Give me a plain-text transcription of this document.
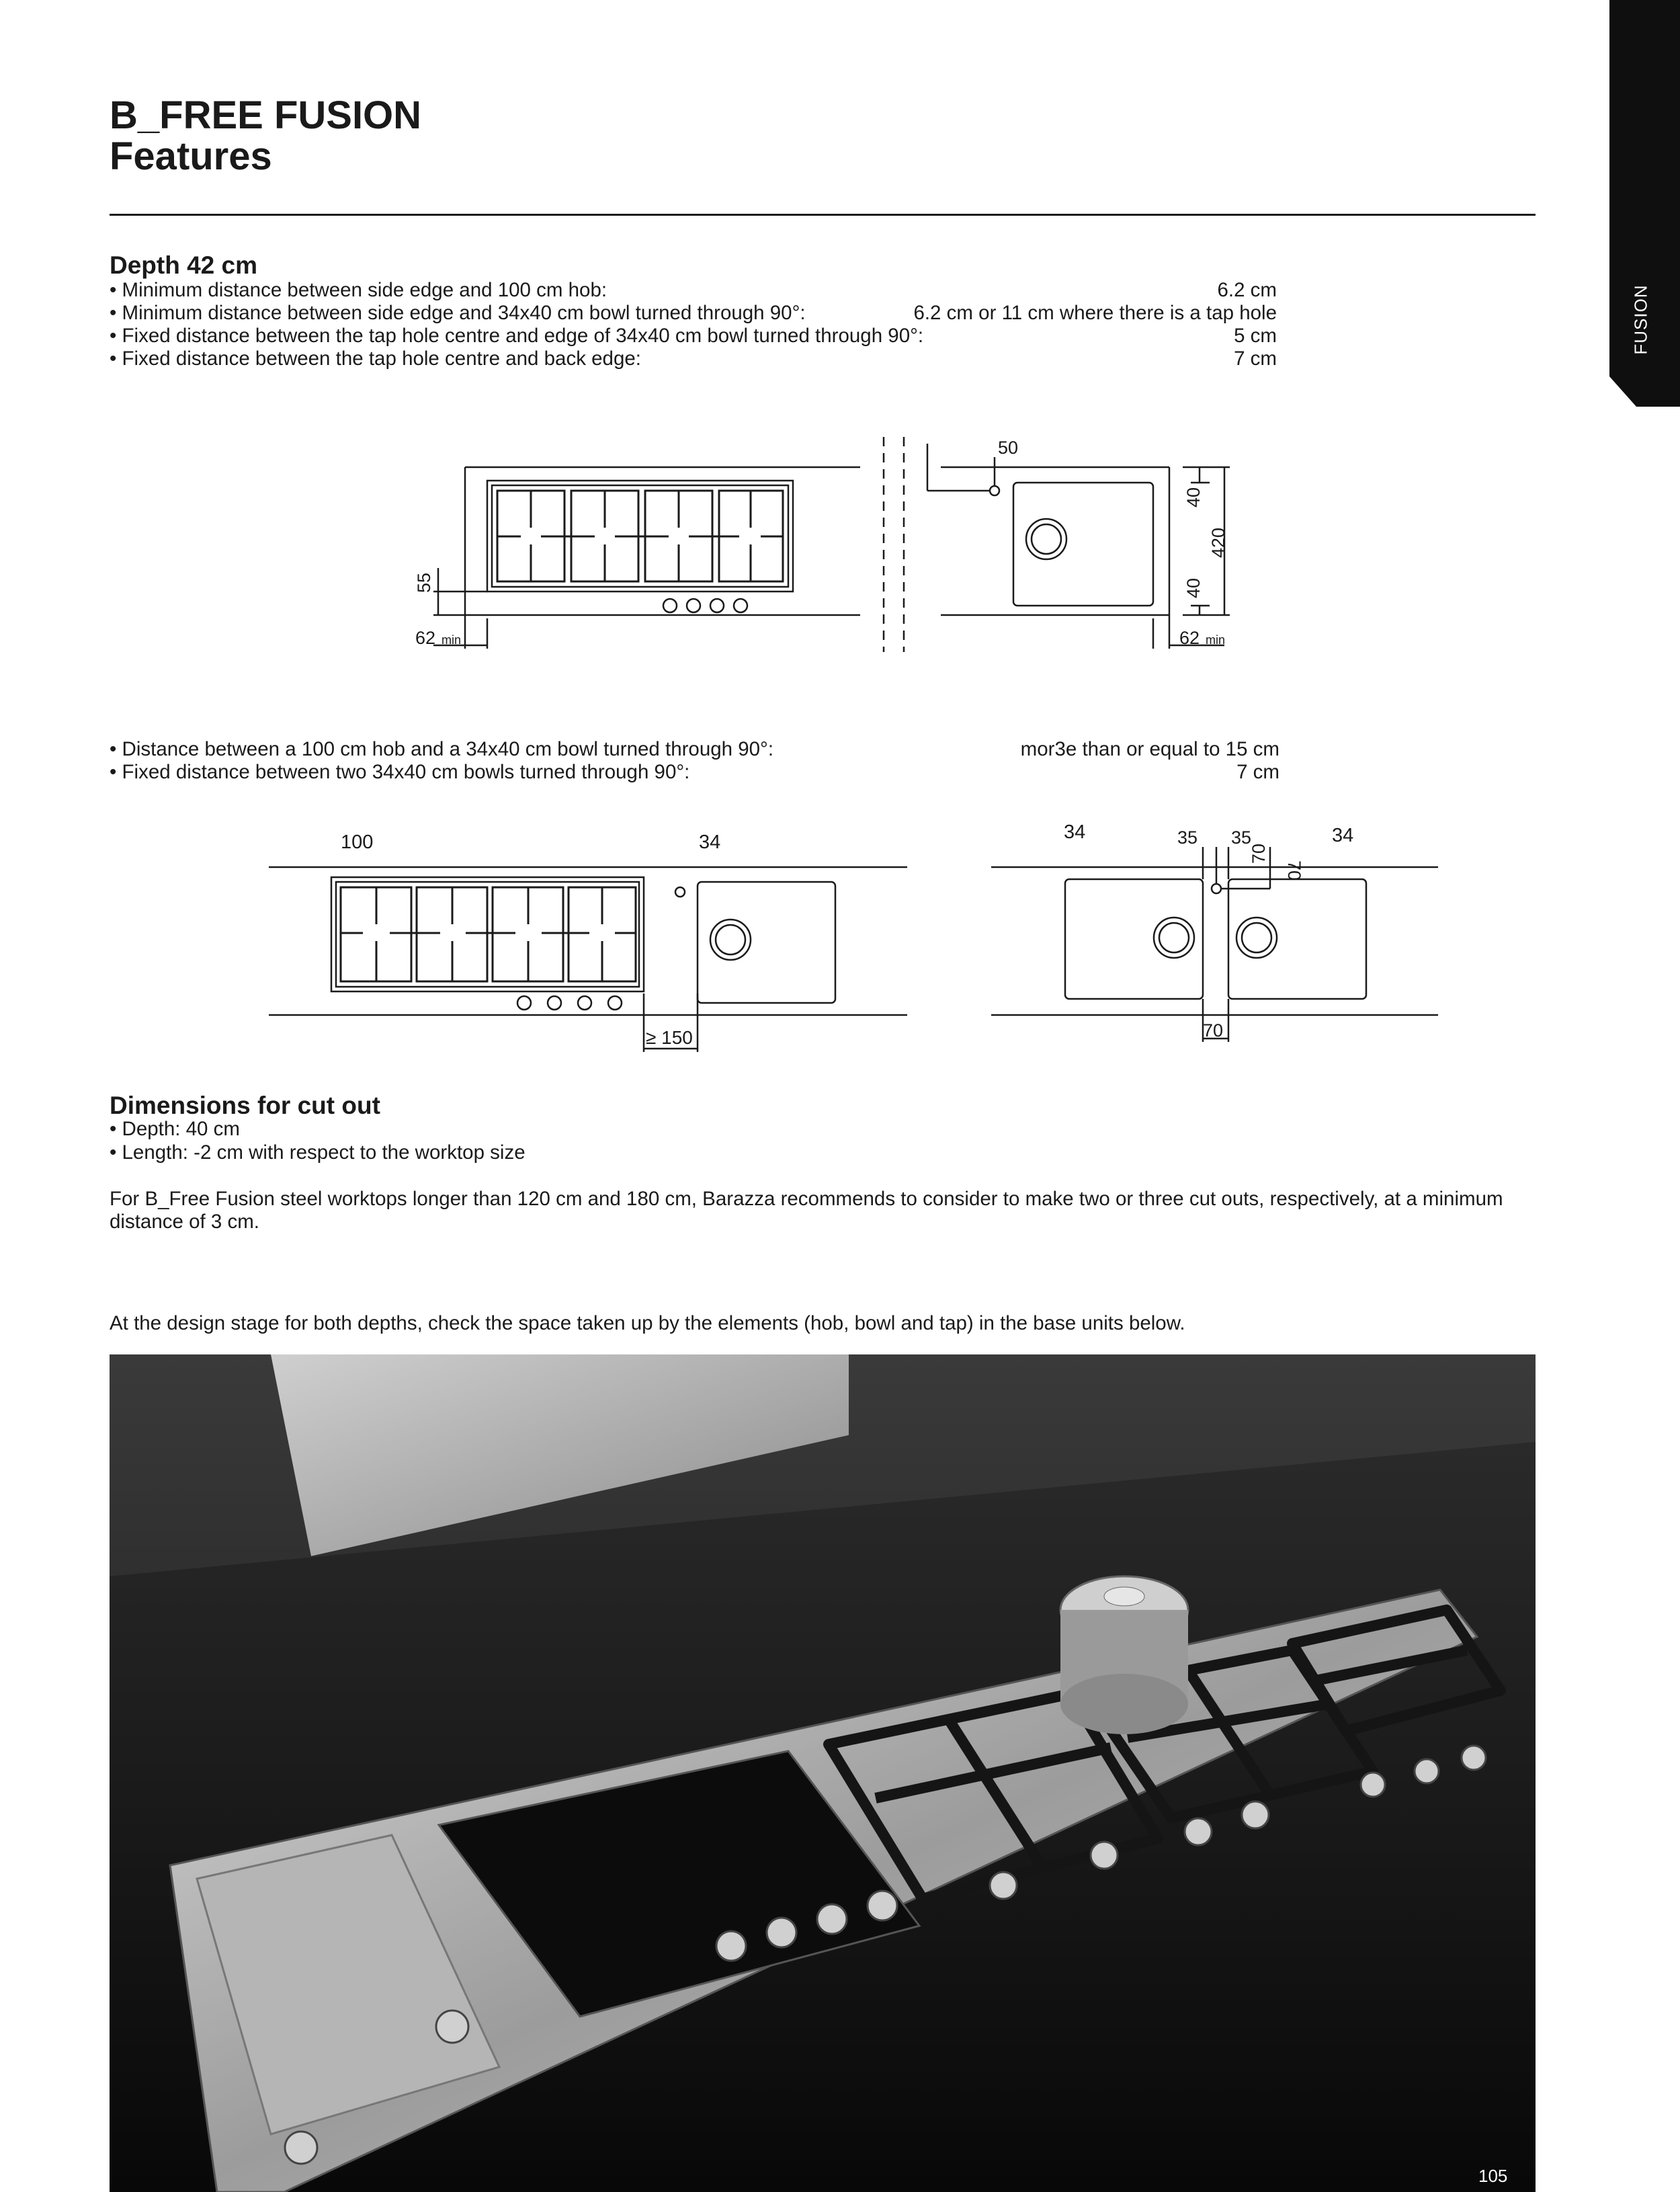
B_FREE FUSION
Features
FUSION
Depth 42 cm
• Minimum distance between side edge and 100 cm hob:	6.2 cm
• Minimum distance between side edge and 34x40 cm bowl turned through 90°:	6.2 cm or 11 cm where there is a tap hole
• Fixed distance between the tap hole centre and edge of 34x40 cm bowl turned through 90°:	5 cm
• Fixed distance between the tap hole centre and back edge:	7 cm
70
50
40
420
40
55
62 min	62 min
• Distance between a 100 cm hob and a 34x40 cm bowl turned through 90°:	mor3e than or equal to 15 cm
• Fixed distance between two 34x40 cm bowls turned through 90°:	7 cm
100	34
≥ 150
34	35 35
70
34
70
Dimensions for cut out
• Depth: 40 cm
• Length: -2 cm with respect to the worktop size
For B_Free Fusion steel worktops longer than 120 cm and 180 cm, Barazza recommends to consider to make two or three cut outs, respectively, at a minimum distance of 3 cm.
At the design stage for both depths, check the space taken up by the elements (hob, bowl and tap) in the base units below.
105
